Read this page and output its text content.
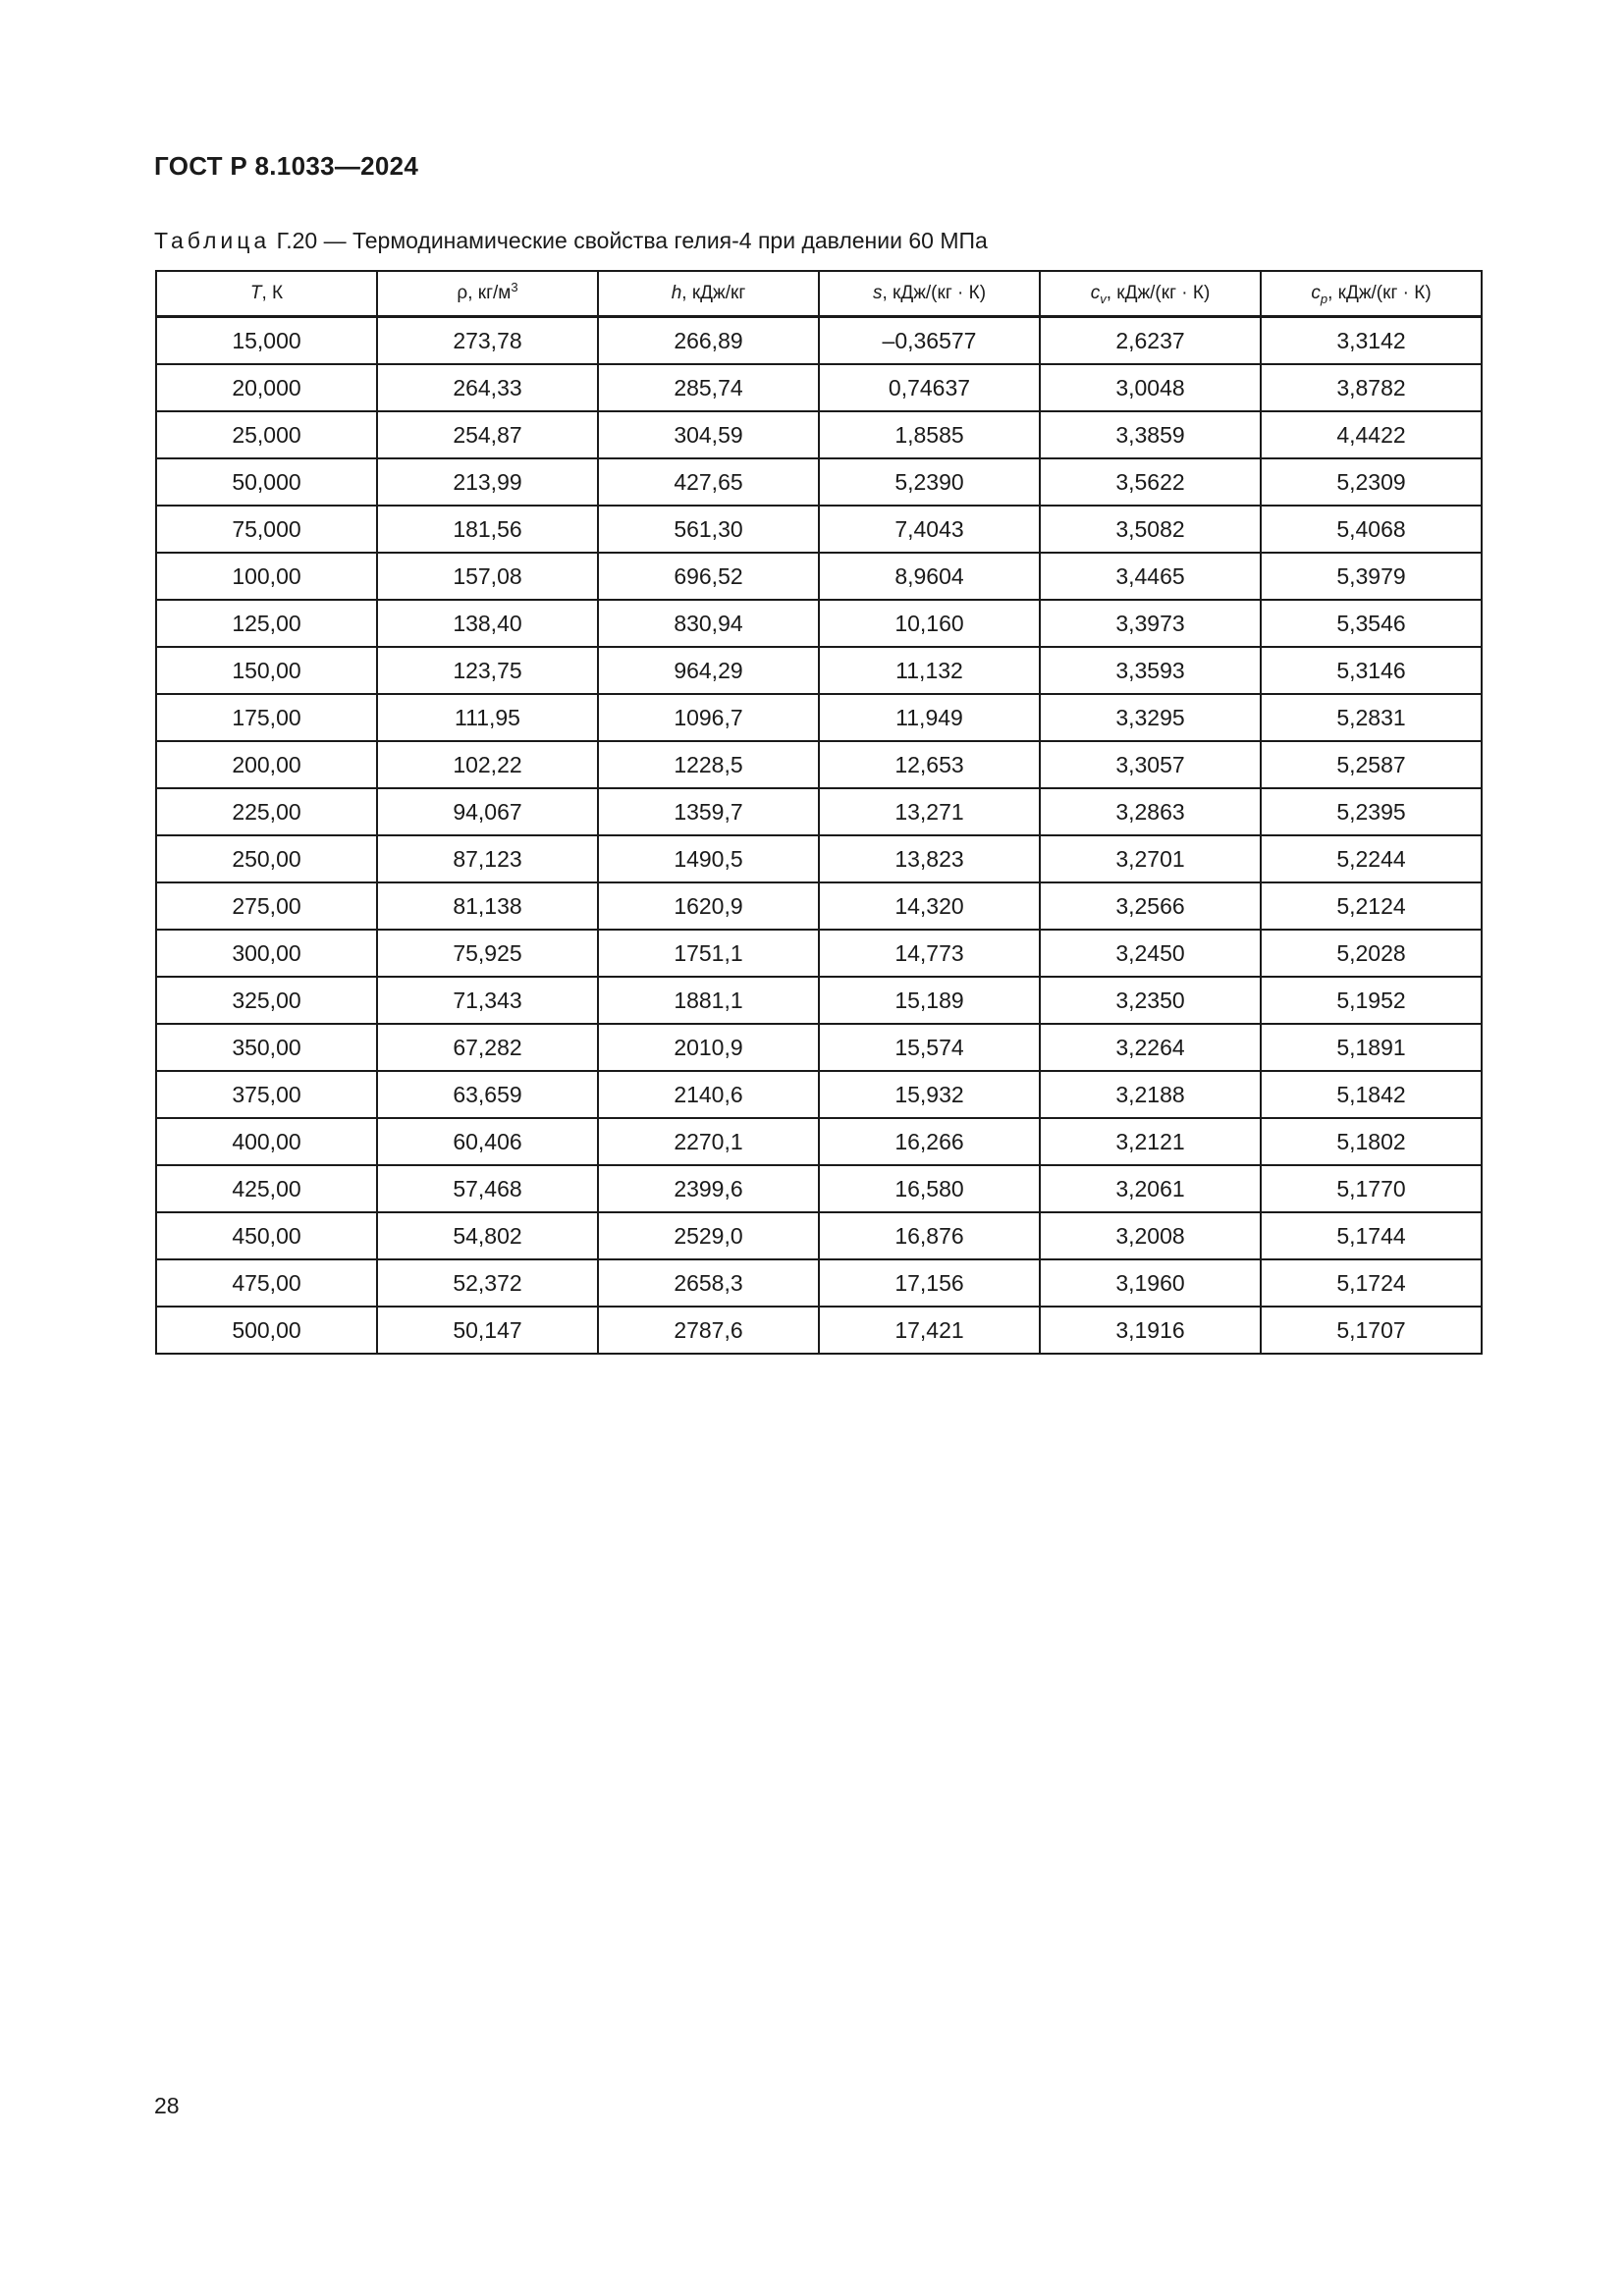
ГОСТ Р 8.1033—2024
Таблица Г.20 — Термодинамические свойства гелия-4 при давлении 60 МПа
T, К	ρ, $кг/м^3$	h, кДж/кг	s, кДж/(кг · К)	$c_v$, кДж/(кг · К)	$c_p$, кДж/(кг · К)
15,000	273,78	266,89	–0,36577	2,6237	3,3142
20,000	264,33	285,74	0,74637	3,0048	3,8782
25,000	254,87	304,59	1,8585	3,3859	4,4422
50,000	213,99	427,65	5,2390	3,5622	5,2309
75,000	181,56	561,30	7,4043	3,5082	5,4068
100,00	157,08	696,52	8,9604	3,4465	5,3979
125,00	138,40	830,94	10,160	3,3973	5,3546
150,00	123,75	964,29	11,132	3,3593	5,3146
175,00	111,95	1096,7	11,949	3,3295	5,2831
200,00	102,22	1228,5	12,653	3,3057	5,2587
225,00	94,067	1359,7	13,271	3,2863	5,2395
250,00	87,123	1490,5	13,823	3,2701	5,2244
275,00	81,138	1620,9	14,320	3,2566	5,2124
300,00	75,925	1751,1	14,773	3,2450	5,2028
325,00	71,343	1881,1	15,189	3,2350	5,1952
350,00	67,282	2010,9	15,574	3,2264	5,1891
375,00	63,659	2140,6	15,932	3,2188	5,1842
400,00	60,406	2270,1	16,266	3,2121	5,1802
425,00	57,468	2399,6	16,580	3,2061	5,1770
450,00	54,802	2529,0	16,876	3,2008	5,1744
475,00	52,372	2658,3	17,156	3,1960	5,1724
500,00	50,147	2787,6	17,421	3,1916	5,1707
28
